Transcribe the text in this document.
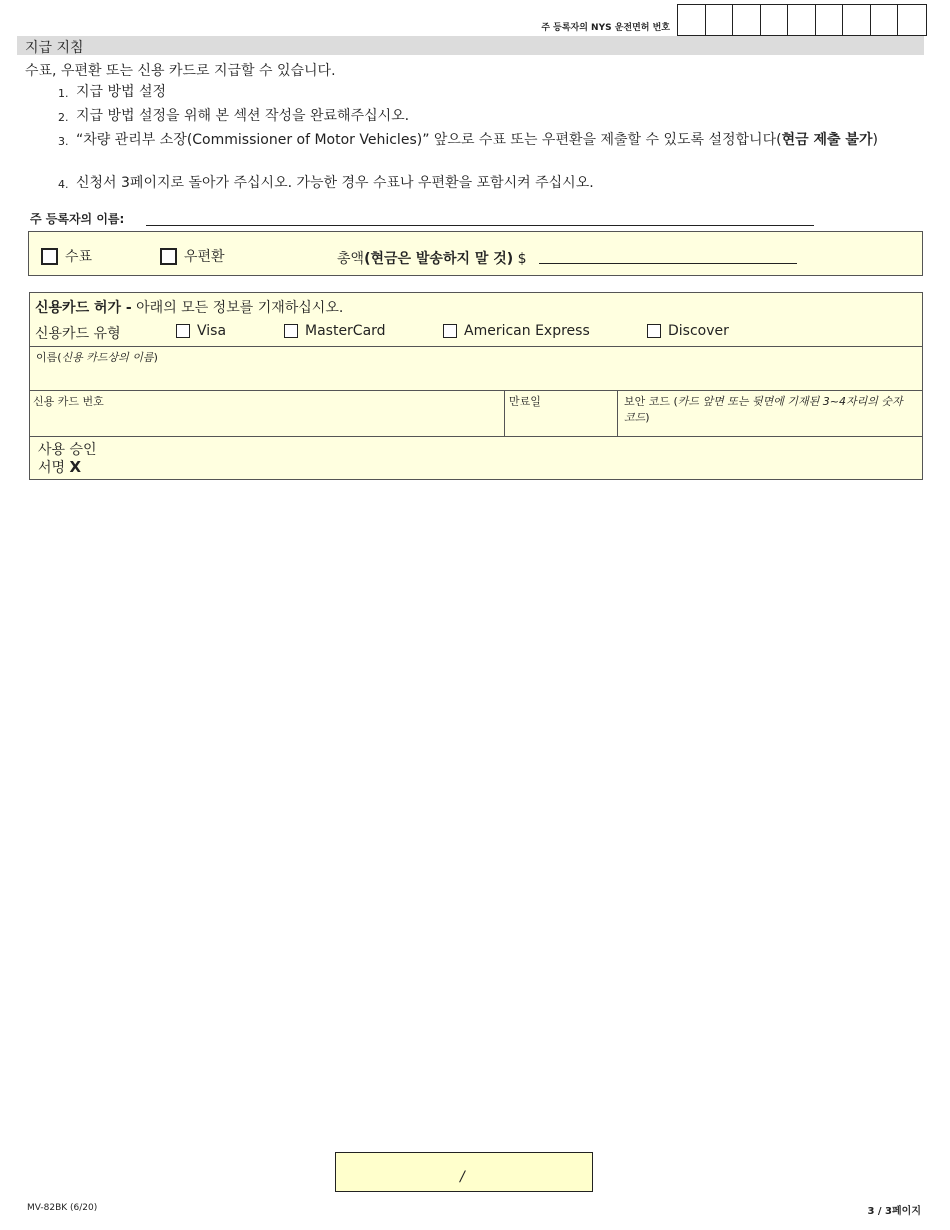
주 등록자의 NYS 운전면허 번호
지급 지침
수표, 우편환 또는 신용 카드로 지급할 수 있습니다.
1. 지급 방법 설정
2. 지급 방법 설정을 위해 본 섹션 작성을 완료해주십시오.
3. “차량 관리부 소장(Commissioner of Motor Vehicles)” 앞으로 수표 또는 우편환을 제출할 수 있도록 설정합니다(현금 제출 불가)
4. 신청서 3페이지로 돌아가 주십시오. 가능한 경우 수표나 우편환을 포함시켜 주십시오.
주 등록자의 이름:
수표	우편환	총액(현금은 발송하지 말 것) $
신용카드 허가 - 아래의 모든 정보를 기재하십시오.
신용카드 유형	Visa	MasterCard	American Express	Discover
이름(신용 카드상의 이름)
신용 카드 번호	만료일	보안 코드 (카드 앞면 또는 뒷면에 기재된 3~4자리의 숫자 코드)
사용 승인
서명 X
/
MV-82BK (6/20)	3 / 3페이지
